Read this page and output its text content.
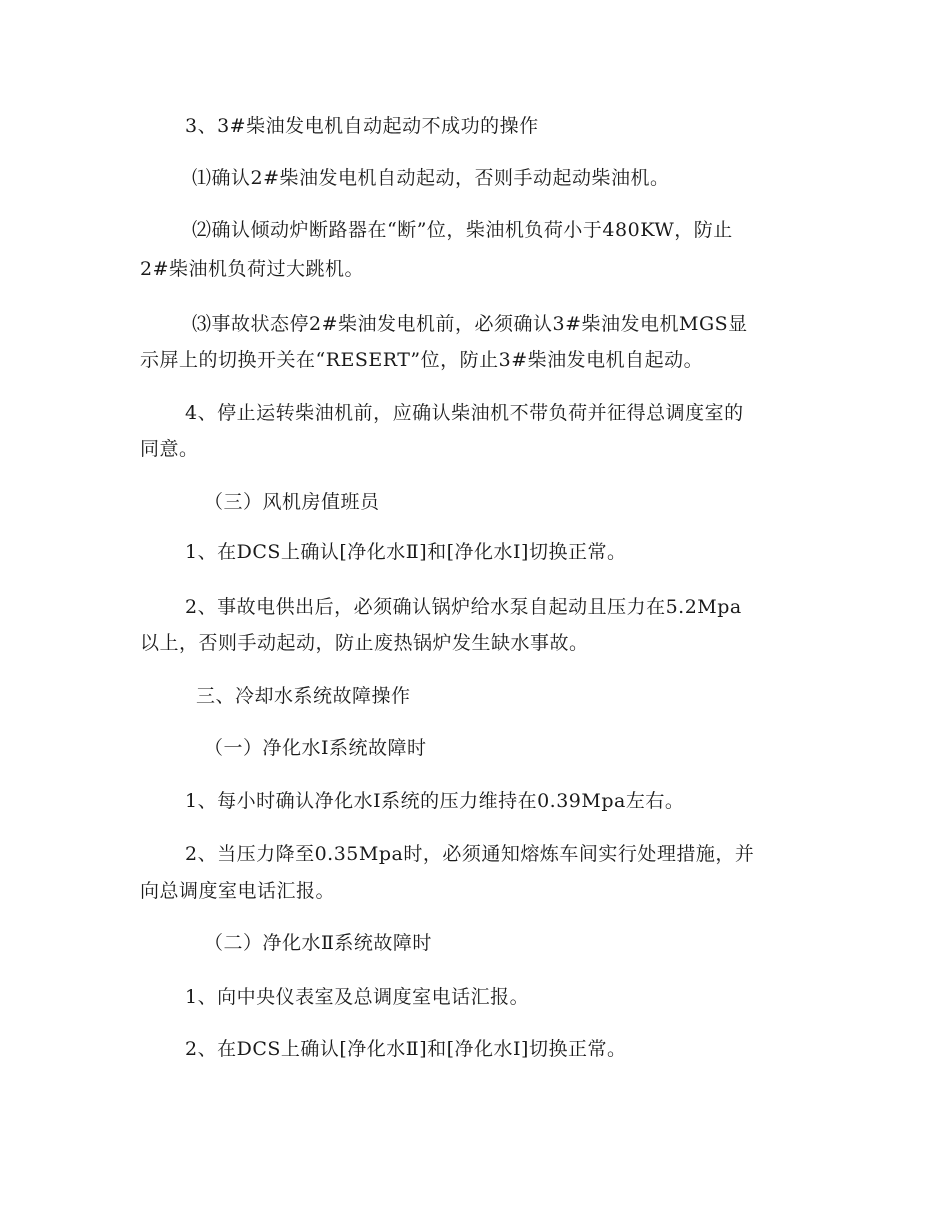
3、3#柴油发电机自动起动不成功的操作
⑴确认2#柴油发电机自动起动，否则手动起动柴油机。
⑵确认倾动炉断路器在“断”位，柴油机负荷小于480KW，防止
2#柴油机负荷过大跳机。
⑶事故状态停2#柴油发电机前，必须确认3#柴油发电机MGS显
示屏上的切换开关在“RESERT”位，防止3#柴油发电机自起动。
4、停止运转柴油机前，应确认柴油机不带负荷并征得总调度室的
同意。
（三）风机房值班员
1、在DCS上确认[净化水Ⅱ]和[净化水Ⅰ]切换正常。
2、事故电供出后，必须确认锅炉给水泵自起动且压力在5.2Mpa
以上，否则手动起动，防止废热锅炉发生缺水事故。
三、冷却水系统故障操作
（一）净化水Ⅰ系统故障时
1、每小时确认净化水Ⅰ系统的压力维持在0.39Mpa左右。
2、当压力降至0.35Mpa时，必须通知熔炼车间实行处理措施，并
向总调度室电话汇报。
（二）净化水Ⅱ系统故障时
1、向中央仪表室及总调度室电话汇报。
2、在DCS上确认[净化水Ⅱ]和[净化水Ⅰ]切换正常。
